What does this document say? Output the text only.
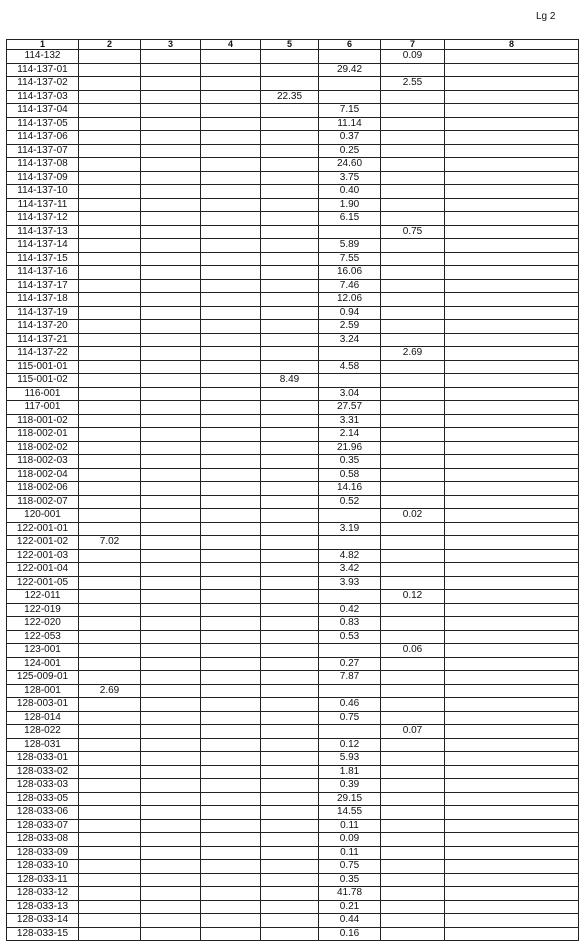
Lg 2
1	2	3	4	5	6	7	8
114-132						0.09	
114-137-01					29.42		
114-137-02						2.55	
114-137-03				22.35			
114-137-04					7.15		
114-137-05					11.14		
114-137-06					0.37		
114-137-07					0.25		
114-137-08					24.60		
114-137-09					3.75		
114-137-10					0.40		
114-137-11					1.90		
114-137-12					6.15		
114-137-13						0.75	
114-137-14					5.89		
114-137-15					7.55		
114-137-16					16.06		
114-137-17					7.46		
114-137-18					12.06		
114-137-19					0.94		
114-137-20					2.59		
114-137-21					3.24		
114-137-22						2.69	
115-001-01					4.58		
115-001-02				8.49			
116-001					3.04		
117-001					27.57		
118-001-02					3.31		
118-002-01					2.14		
118-002-02					21.96		
118-002-03					0.35		
118-002-04					0.58		
118-002-06					14.16		
118-002-07					0.52		
120-001						0.02	
122-001-01					3.19		
122-001-02	7.02						
122-001-03					4.82		
122-001-04					3.42		
122-001-05					3.93		
122-011						0.12	
122-019					0.42		
122-020					0.83		
122-053					0.53		
123-001						0.06	
124-001					0.27		
125-009-01					7.87		
128-001	2.69						
128-003-01					0.46		
128-014					0.75		
128-022						0.07	
128-031					0.12		
128-033-01					5.93		
128-033-02					1.81		
128-033-03					0.39		
128-033-05					29.15		
128-033-06					14.55		
128-033-07					0.11		
128-033-08					0.09		
128-033-09					0.11		
128-033-10					0.75		
128-033-11					0.35		
128-033-12					41.78		
128-033-13					0.21		
128-033-14					0.44		
128-033-15					0.16		
